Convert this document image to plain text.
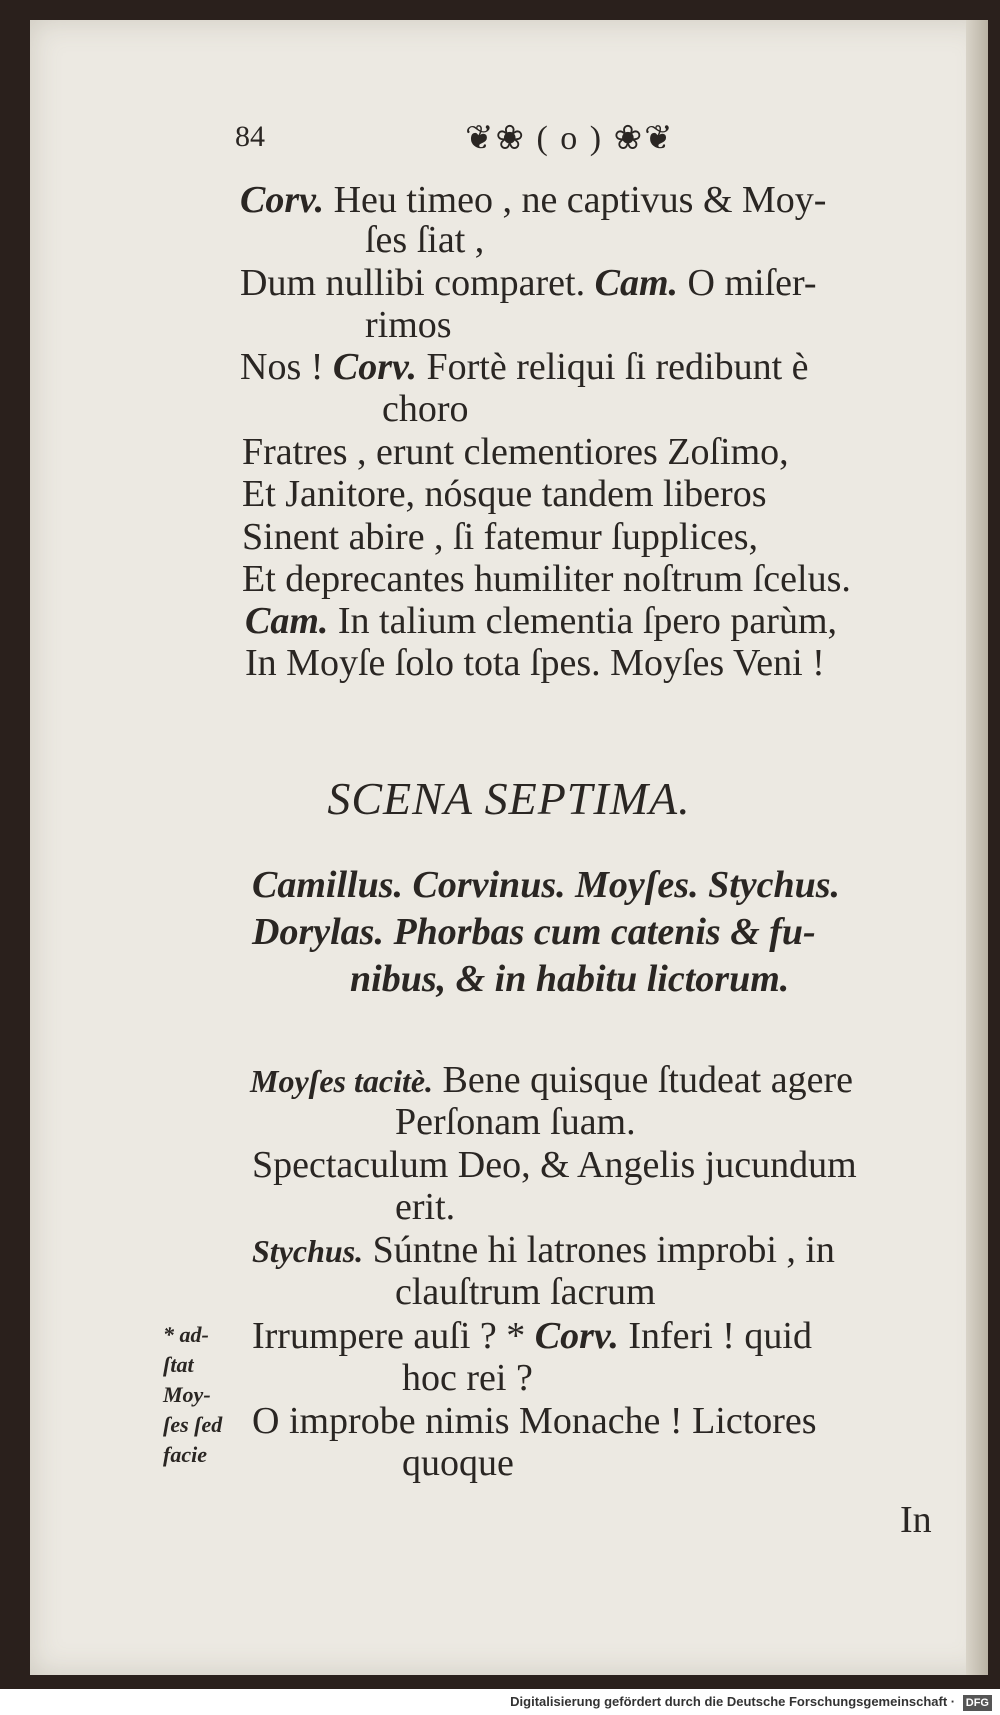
84	❦❀ ( o ) ❀❦
Corv. Heu timeo , ne captivus & Moy-
ſes ſiat ,
Dum nullibi comparet. Cam. O miſer-
rimos
Nos ! Corv. Fortè reliqui ſi redibunt è
choro
Fratres , erunt clementiores Zoſimo,
Et Janitore, nósque tandem liberos
Sinent abire , ſi fatemur ſupplices,
Et deprecantes humiliter noſtrum ſcelus.
Cam. In talium clementia ſpero parùm,
In Moyſe ſolo tota ſpes. Moyſes Veni !
SCENA SEPTIMA.
Camillus. Corvinus. Moyſes. Stychus.
Dorylas. Phorbas cum catenis & fu-
nibus, & in habitu lictorum.
Moyſes tacitè. Bene quisque ſtudeat agere
Perſonam ſuam.
Spectaculum Deo, & Angelis jucundum
erit.
Stychus. Súntne hi latrones improbi , in
clauſtrum ſacrum
Irrumpere auſi ? * Corv. Inferi ! quid
hoc rei ?
O improbe nimis Monache ! Lictores
quoque
* ad-
ſtat
Moy-
ſes ſed
facie
In
Digitalisierung gefördert durch die Deutsche Forschungsgemeinschaft · DFG
